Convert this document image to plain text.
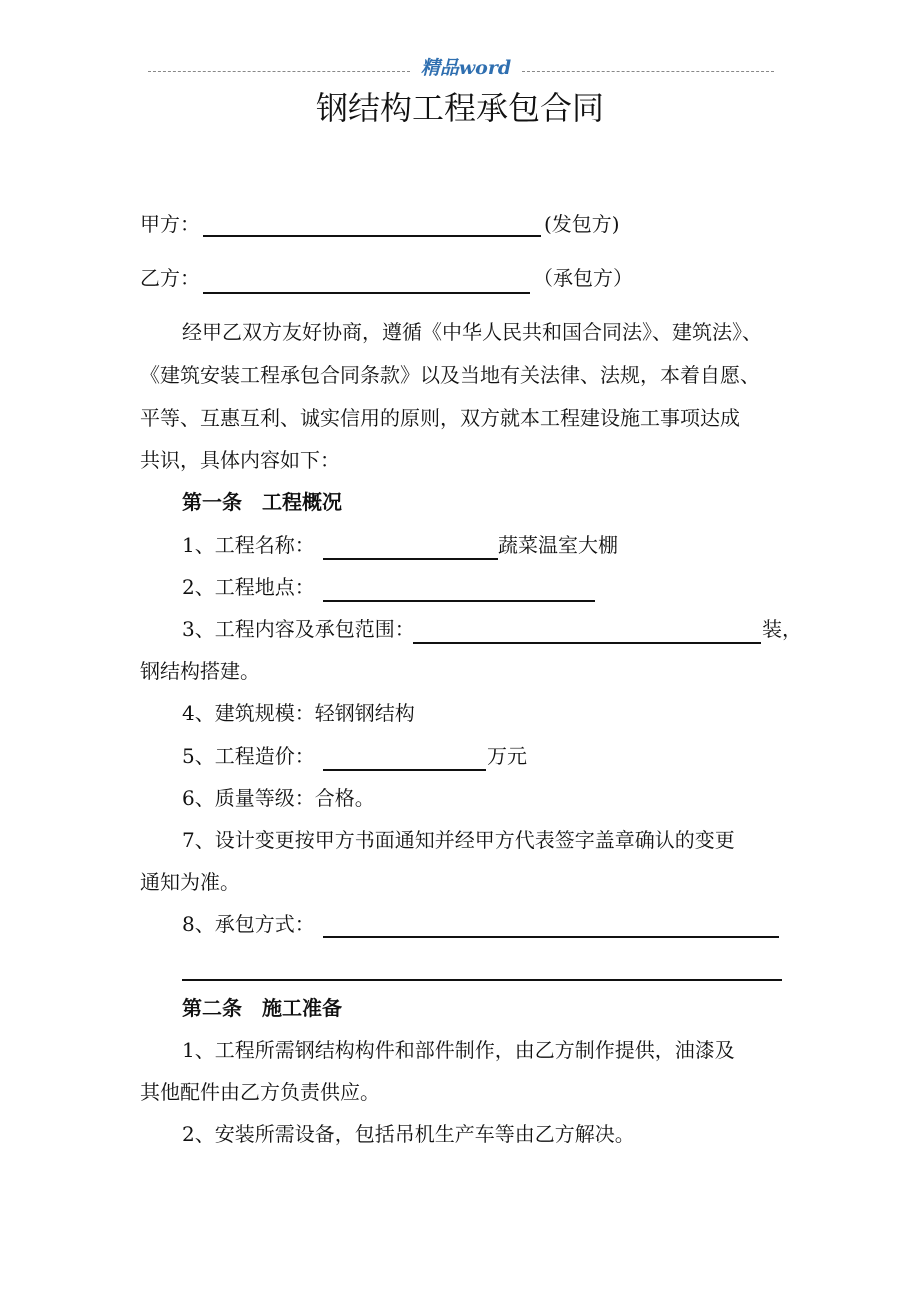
精品word
钢结构工程承包合同
甲方：	(发包方)
乙方：	（承包方）
经甲乙双方友好协商，遵循《中华人民共和国合同法》、建筑法》、
《建筑安装工程承包合同条款》以及当地有关法律、法规，本着自愿、
平等、互惠互利、诚实信用的原则，双方就本工程建设施工事项达成
共识，具体内容如下：
第一条　工程概况
1、工程名称：	蔬菜温室大棚
2、工程地点：
3、工程内容及承包范围：	装，
钢结构搭建。
4、建筑规模：轻钢钢结构
5、工程造价：	万元
6、质量等级：合格。
7、设计变更按甲方书面通知并经甲方代表签字盖章确认的变更
通知为准。
8、承包方式：
第二条　施工准备
1、工程所需钢结构构件和部件制作，由乙方制作提供，油漆及
其他配件由乙方负责供应。
2、安装所需设备，包括吊机生产车等由乙方解决。
